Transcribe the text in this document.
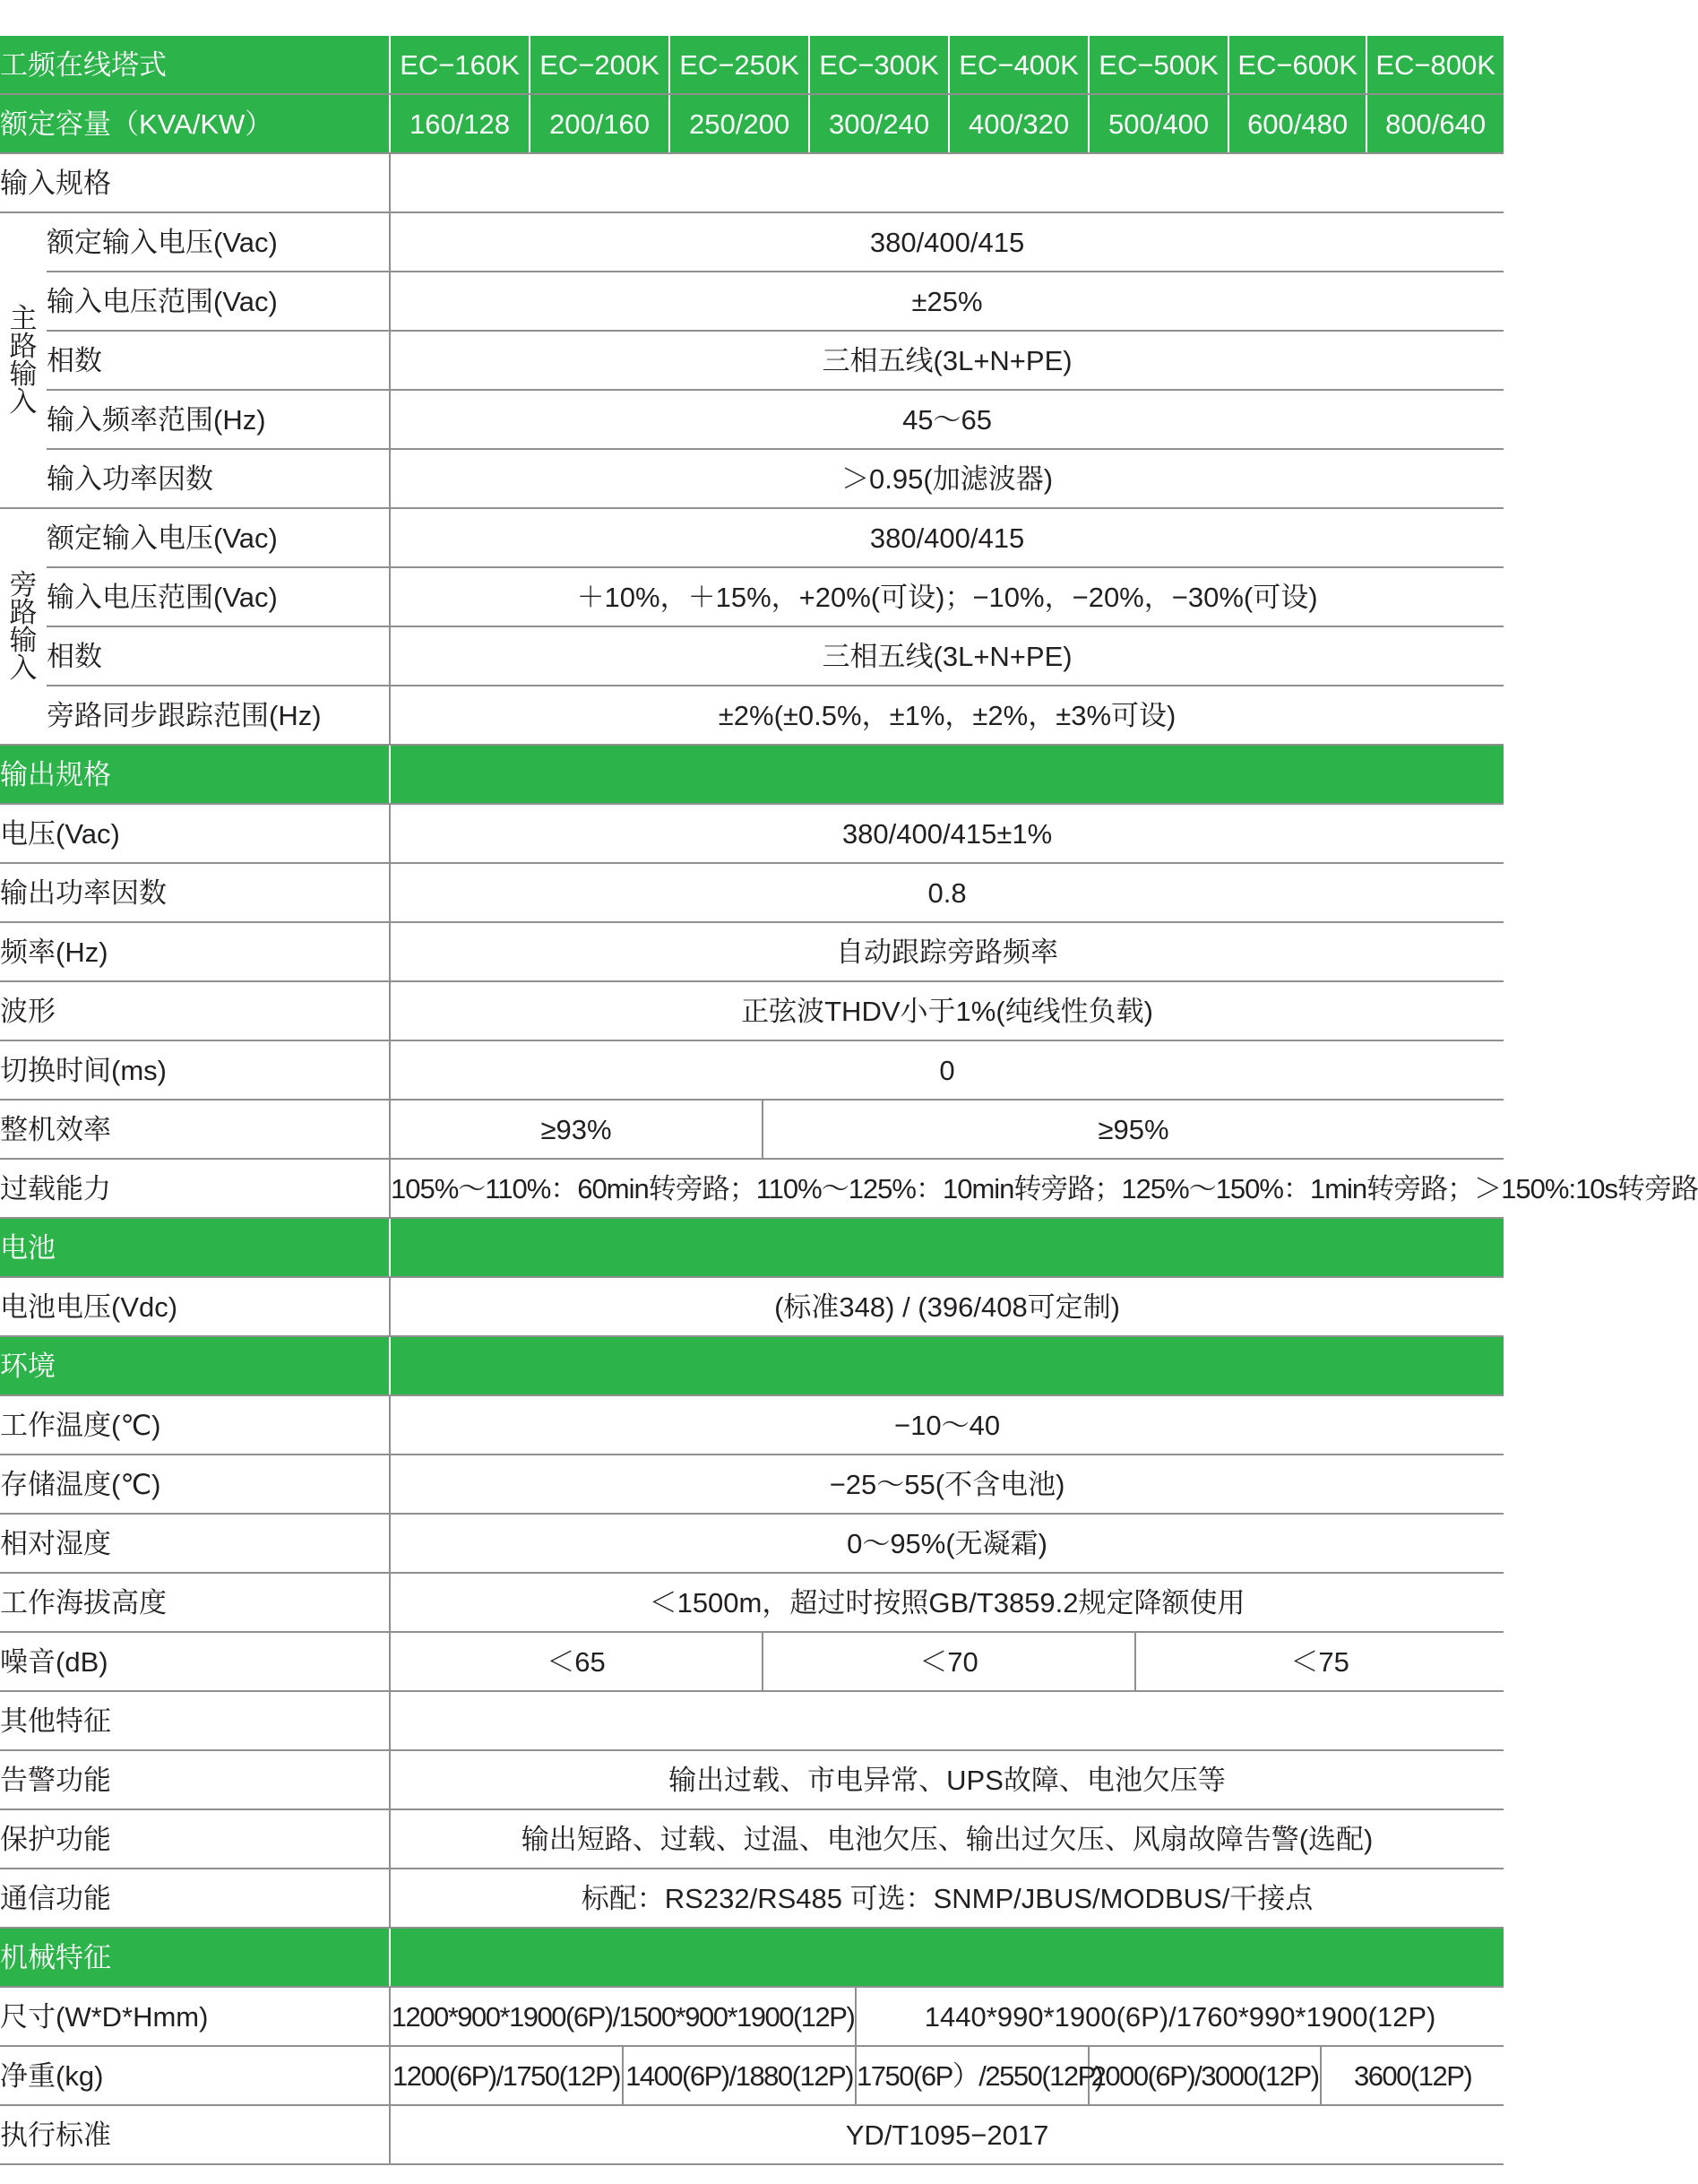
工频在线塔式		EC−160K	EC−200K		EC−250K		EC−300K		EC−400K	EC−500K		EC−600K		EC−800K
额定容量（KVA/KW）		160/128	200/160		250/200		300/240		400/320	500/400		600/480		800/640
输入规格														

主
路
输
入	额定输入电压(Vac)	380/400/415												
	输入电压范围(Vac)	±25%												
	相数	三相五线(3L+N+PE)												
	输入频率范围(Hz)	45～65												
	输入功率因数	＞0.95(加滤波器)												

旁
路
输
入	额定输入电压(Vac)	380/400/415												
	输入电压范围(Vac)	＋10%，＋15%，+20%(可设)；−10%，−20%，−30%(可设)												
	相数	三相五线(3L+N+PE)												
	旁路同步跟踪范围(Hz)	±2%(±0.5%，±1%，±2%，±3%可设)												
输出规格														
电压(Vac)		380/400/415±1%												
输出功率因数		0.8												
频率(Hz)		自动跟踪旁路频率												
波形		正弦波THDV小于1%(纯线性负载)												
切换时间(ms)		0												
整机效率		≥93%				≥95%								
过载能力		105%～110%：60min转旁路；110%～125%：10min转旁路；125%～150%：1min转旁路；＞150%:10s转旁路												
电池														
电池电压(Vdc)		(标准348) / (396/408可定制)												
环境														
工作温度(℃)		−10～40												
存储温度(℃)		−25～55(不含电池)												
相对湿度		0～95%(无凝霜)												
工作海拔高度		＜1500m，超过时按照GB/T3859.2规定降额使用												
噪音(dB)		＜65				＜70					＜75			
其他特征														
告警功能		输出过载、市电异常、UPS故障、电池欠压等												
保护功能		输出短路、过载、过温、电池欠压、输出过欠压、风扇故障告警(选配)												
通信功能		标配：RS232/RS485 可选：SNMP/JBUS/MODBUS/干接点												
机械特征														
尺寸(W*D*Hmm)		1200*900*1900(6P)/1500*900*1900(12P)						1440*990*1900(6P)/1760*990*1900(12P)						
净重(kg)		1200(6P)/1750(12P)		1400(6P)/1880(12P)				1750(6P）/2550(12P)		2000(6P)/3000(12P)			3600(12P)	
执行标准		YD/T1095−2017												
